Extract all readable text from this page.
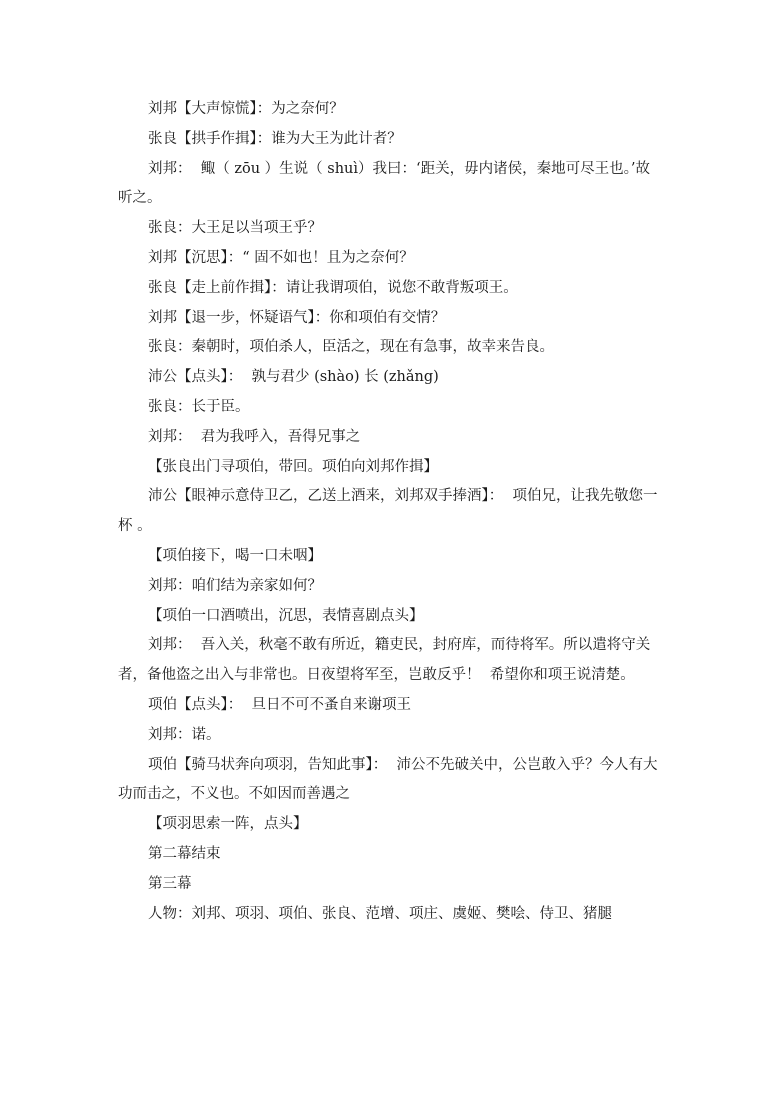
刘邦【大声惊慌】：为之奈何？

张良【拱手作揖】：谁为大王为此计者？

刘邦：  鲰（ zōu ）生说（ shuì）我曰：‘距关，毋内诸侯，秦地可尽王也。’故听之。

张良：大王足以当项王乎？

刘邦【沉思】：“ 固不如也！且为之奈何？

张良【走上前作揖】：请让我谓项伯，说您不敢背叛项王。

刘邦【退一步，怀疑语气】：你和项伯有交情？

张良：秦朝时，项伯杀人，臣活之，现在有急事，故幸来告良。

沛公【点头】：  孰与君少 (shào) 长 (zhǎng)

张良：长于臣。

刘邦：  君为我呼入，吾得兄事之

【张良出门寻项伯，带回。项伯向刘邦作揖】

沛公【眼神示意侍卫乙，乙送上酒来，刘邦双手捧酒】：  项伯兄，让我先敬您一杯 。

【项伯接下，喝一口未咽】

刘邦：咱们结为亲家如何？

【项伯一口酒喷出，沉思，表情喜剧点头】

刘邦：  吾入关，秋毫不敢有所近，籍吏民，封府库，而待将军。所以遣将守关者，备他盗之出入与非常也。日夜望将军至，岂敢反乎！  希望你和项王说清楚。

项伯【点头】：  旦日不可不蚤自来谢项王

刘邦：诺。

项伯【骑马状奔向项羽，告知此事】：  沛公不先破关中，公岂敢入乎？今人有大功而击之，不义也。不如因而善遇之

【项羽思索一阵，点头】

第二幕结束

第三幕

人物：刘邦、项羽、项伯、张良、范增、项庄、虞姬、樊哙、侍卫、猪腿
